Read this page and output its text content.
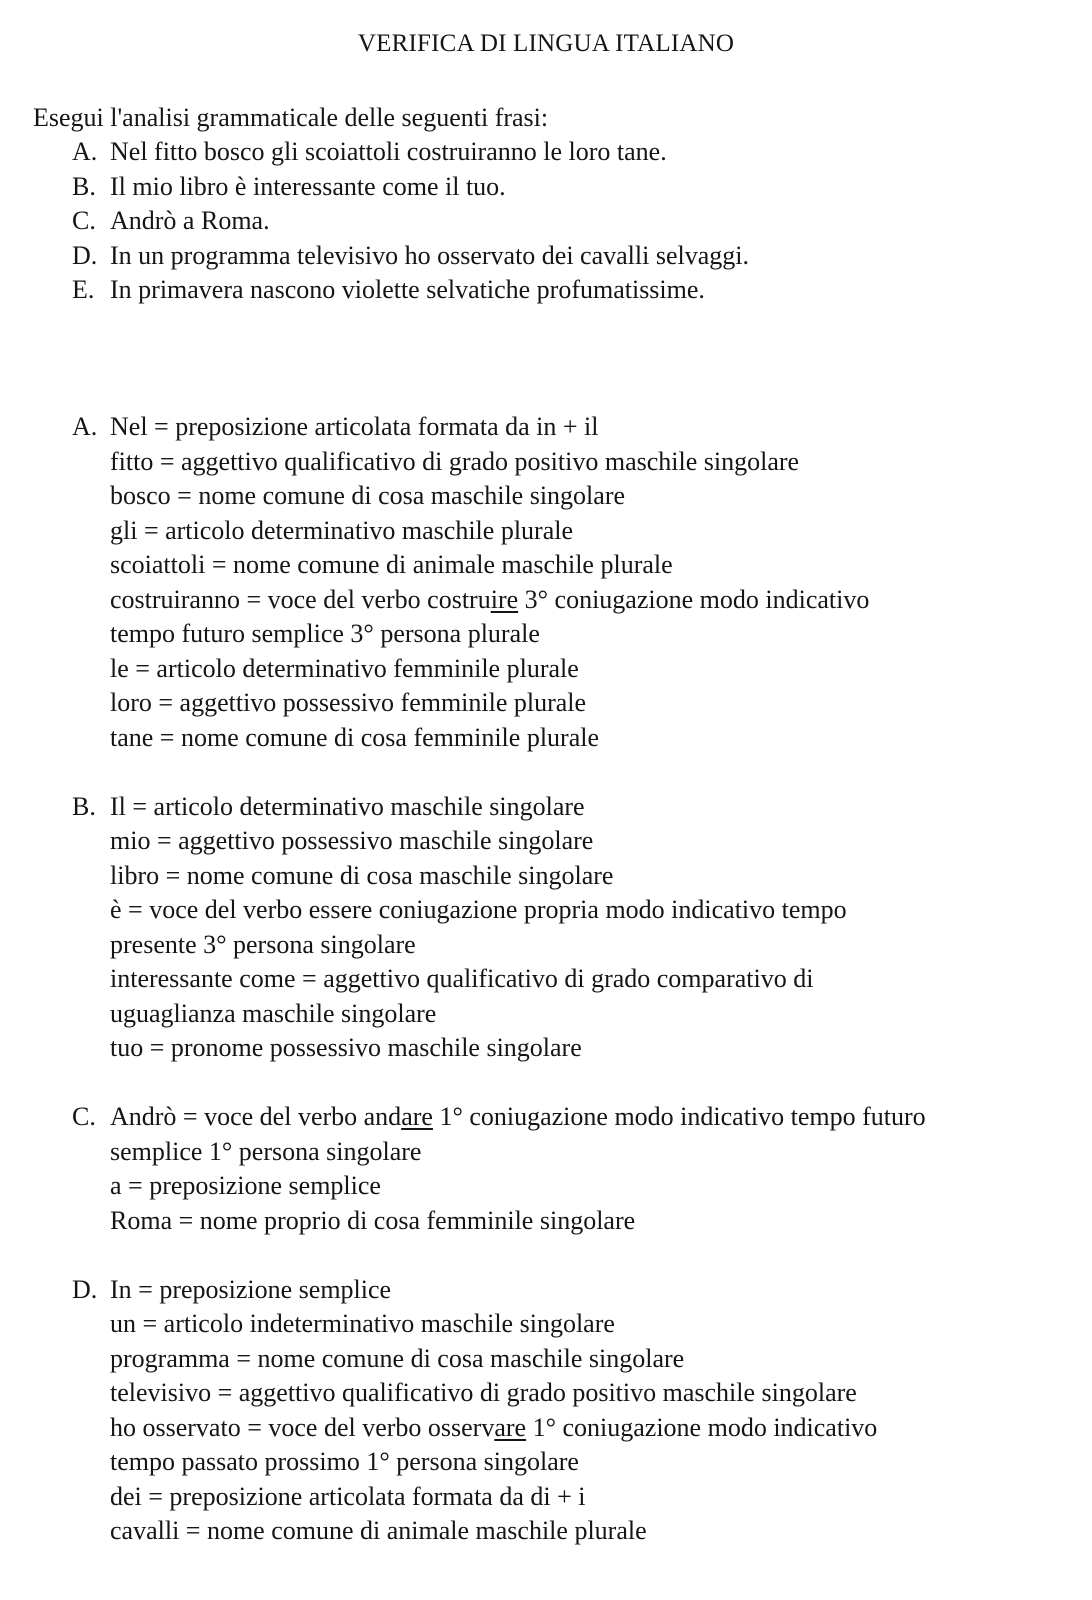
VERIFICA DI LINGUA ITALIANO
Esegui l'analisi grammaticale delle seguenti frasi:
A. Nel fitto bosco gli scoiattoli costruiranno le loro tane.
B. Il mio libro è interessante come il tuo.
C. Andrò a Roma.
D. In un programma televisivo ho osservato dei cavalli selvaggi.
E. In primavera nascono violette selvatiche profumatissime.
A. Nel = preposizione articolata formata da in + il
fitto = aggettivo qualificativo di grado positivo maschile singolare
bosco = nome comune di cosa maschile singolare
gli = articolo determinativo maschile plurale
scoiattoli = nome comune di animale maschile plurale
costruiranno = voce del verbo costruire 3° coniugazione modo indicativo
tempo futuro semplice 3° persona plurale
le = articolo determinativo femminile plurale
loro = aggettivo possessivo femminile plurale
tane = nome comune di cosa femminile plurale
B. Il = articolo determinativo maschile singolare
mio = aggettivo possessivo maschile singolare
libro = nome comune di cosa maschile singolare
è = voce del verbo essere coniugazione propria modo indicativo tempo
presente 3° persona singolare
interessante come = aggettivo qualificativo di grado comparativo di
uguaglianza maschile singolare
tuo = pronome possessivo maschile singolare
C. Andrò = voce del verbo andare 1° coniugazione modo indicativo tempo futuro
semplice 1° persona singolare
a = preposizione semplice
Roma = nome proprio di cosa femminile singolare
D. In = preposizione semplice
un = articolo indeterminativo maschile singolare
programma = nome comune di cosa maschile singolare
televisivo = aggettivo qualificativo di grado positivo maschile singolare
ho osservato = voce del verbo osservare 1° coniugazione modo indicativo
tempo passato prossimo 1° persona singolare
dei = preposizione articolata formata da di + i
cavalli = nome comune di animale maschile plurale
